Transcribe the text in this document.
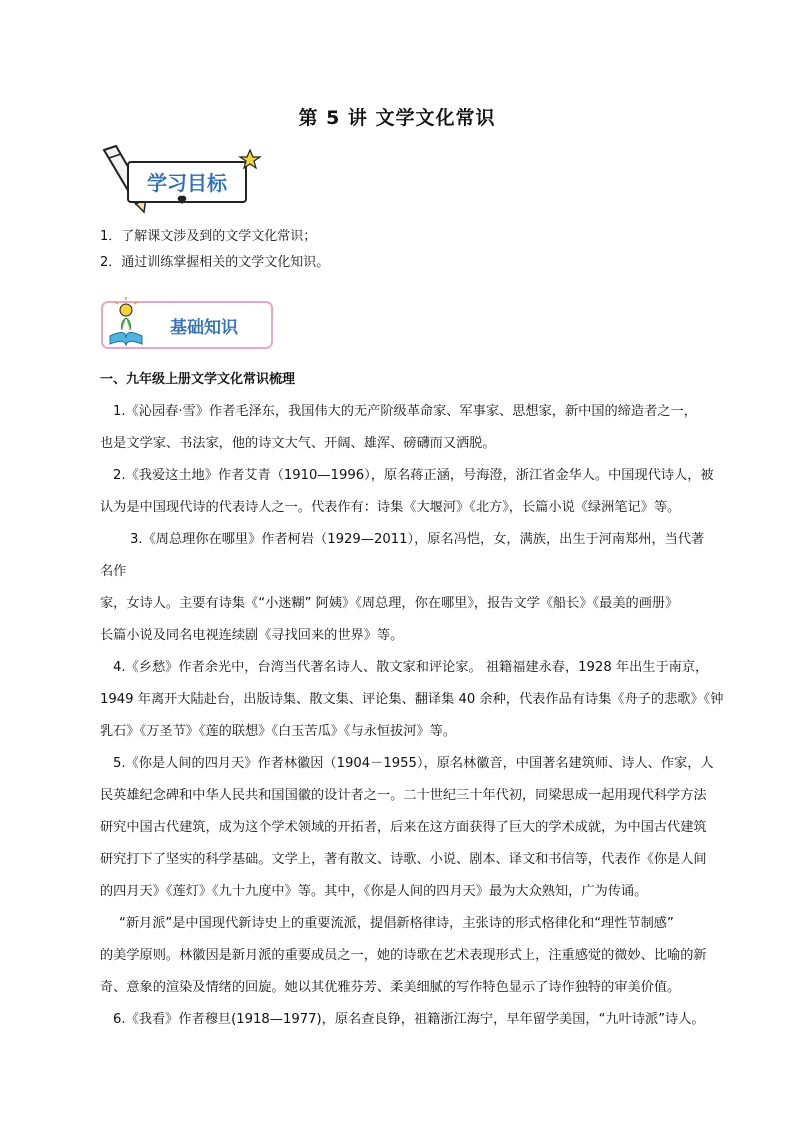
第 5 讲 文学文化常识
学习目标
1．了解课文涉及到的文学文化常识；
2．通过训练掌握相关的文学文化知识。
基础知识
一、九年级上册文学文化常识梳理
1.《沁园春·雪》作者毛泽东，我国伟大的无产阶级革命家、军事家、思想家，新中国的缔造者之一，
也是文学家、书法家，他的诗文大气、开阔、雄浑、磅礴而又洒脱。
2.《我爱这土地》作者艾青（1910—1996），原名蒋正涵，号海澄，浙江省金华人。中国现代诗人，被
认为是中国现代诗的代表诗人之一。代表作有：诗集《大堰河》《北方》，长篇小说《绿洲笔记》等。
3.《周总理你在哪里》作者柯岩（1929—2011），原名冯恺，女，满族，出生于河南郑州，当代著
名作
家，女诗人。主要有诗集《“小迷糊” 阿姨》《周总理，你在哪里》，报告文学《船长》《最美的画册》
长篇小说及同名电视连续剧《寻找回来的世界》等。
4.《乡愁》作者余光中，台湾当代著名诗人、散文家和评论家。 祖籍福建永春，1928 年出生于南京，
1949 年离开大陆赴台，出版诗集、散文集、评论集、翻译集 40 余种，代表作品有诗集《舟子的悲歌》《钟
乳石》《万圣节》《莲的联想》《白玉苦瓜》《与永恒拔河》等。
5.《你是人间的四月天》作者林徽因（1904－1955），原名林徽音，中国著名建筑师、诗人、作家，人
民英雄纪念碑和中华人民共和国国徽的设计者之一。二十世纪三十年代初，同梁思成一起用现代科学方法
研究中国古代建筑，成为这个学术领域的开拓者，后来在这方面获得了巨大的学术成就，为中国古代建筑
研究打下了坚实的科学基础。文学上，著有散文、诗歌、小说、剧本、译文和书信等，代表作《你是人间
的四月天》《莲灯》《九十九度中》等。其中，《你是人间的四月天》最为大众熟知，广为传诵。
“新月派”是中国现代新诗史上的重要流派，提倡新格律诗，主张诗的形式格律化和“理性节制感”
的美学原则。林徽因是新月派的重要成员之一，她的诗歌在艺术表现形式上，注重感觉的微妙、比喻的新
奇、意象的渲染及情绪的回旋。她以其优雅芬芳、柔美细腻的写作特色显示了诗作独特的审美价值。
6.《我看》作者穆旦(1918—1977)，原名查良铮，祖籍浙江海宁，早年留学美国，“九叶诗派”诗人。
